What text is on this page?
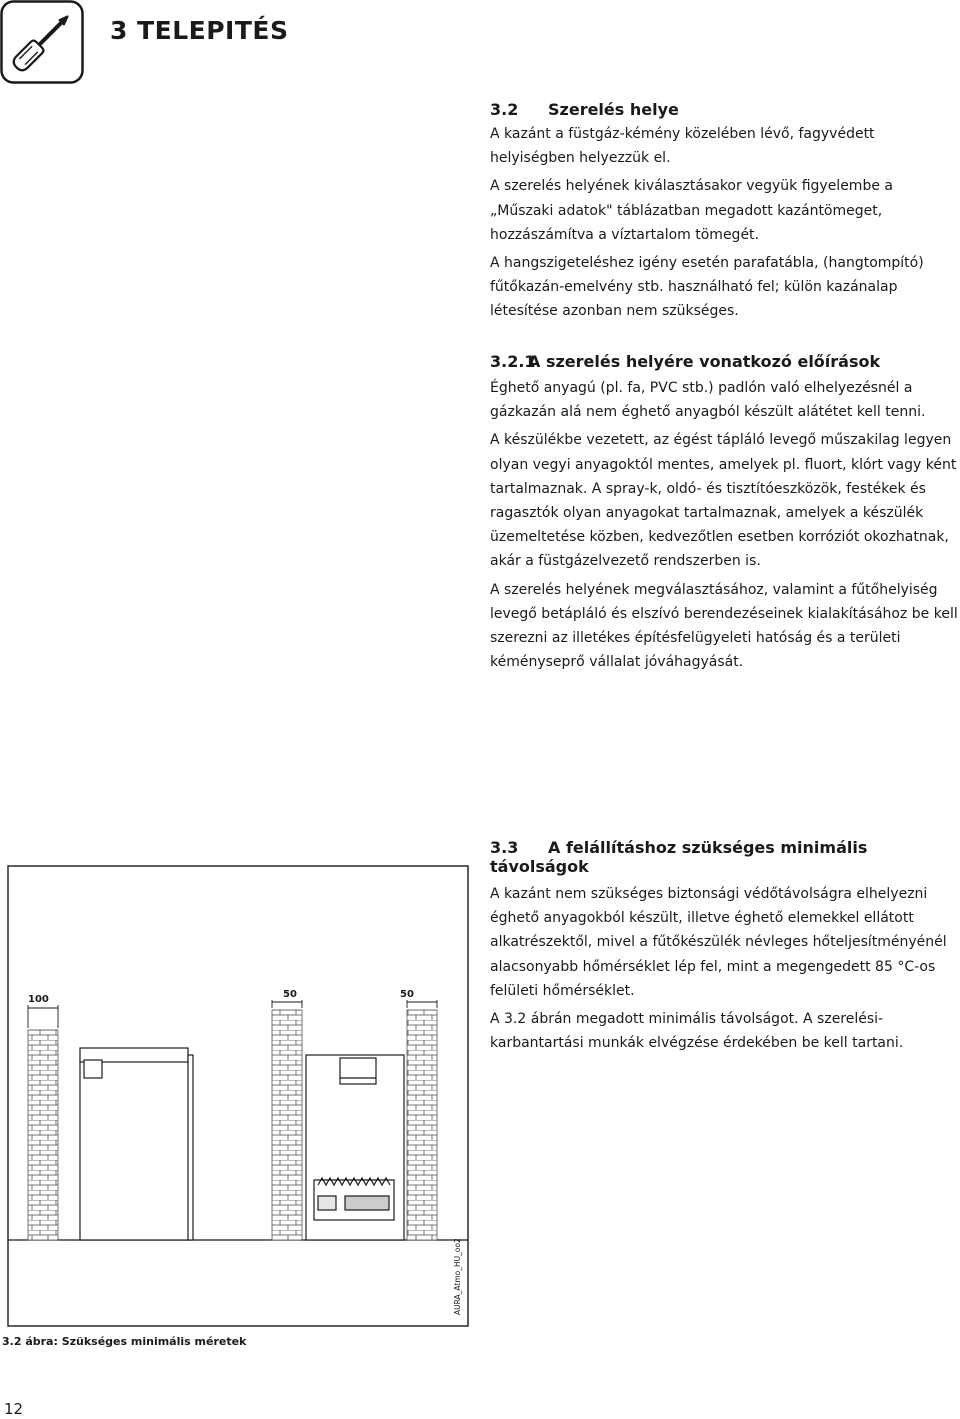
3 TELEPITÉS
3.2 Szerelés helye

A kazánt a füstgáz-kémény közelében lévő, fagyvédett helyiségben helyezzük el.

A szerelés helyének kiválasztásakor vegyük figyelembe a „Műszaki adatok" táblázatban megadott kazántömeget, hozzászámítva a víztartalom tömegét.

A hangszigeteléshez igény esetén parafatábla, (hangtompító) fűtőkazán-emelvény stb. használható fel; külön kazánalap létesítése azonban nem szükséges.

3.2.1A szerelés helyére vonatkozó előírások

Éghető anyagú (pl. fa, PVC stb.) padlón való elhelyezésnél a gázkazán alá nem éghető anyagból készült alátétet kell tenni.

A készülékbe vezetett, az égést tápláló levegő műszakilag legyen olyan vegyi anyagoktól mentes, amelyek pl. fluort, klórt vagy ként tartalmaznak. A spray-k, oldó- és tisztítóeszközök, festékek és ragasztók olyan anyagokat tartalmaznak, amelyek a készülék üzemeltetése közben, kedvezőtlen esetben korróziót okozhatnak, akár a füstgázelvezető rendszerben is.

A szerelés helyének megválasztásához, valamint a fűtőhelyiség levegő betápláló és elszívó berendezéseinek kialakításához be kell szerezni az illetékes építésfelügyeleti hatóság és a területi kéményseprő vállalat jóváhagyását.

3.3 A felállításhoz szükséges minimális távolságok

A kazánt nem szükséges biztonsági védőtávolságra elhelyezni éghető anyagokból készült, illetve éghető elemekkel ellátott alkatrészektől, mivel a fűtőkészülék névleges hőteljesítményénél alacsonyabb hőmérséklet lép fel, mint a megengedett 85 °C-os felületi hőmérséklet.

A 3.2 ábrán megadott minimális távolságot. A szerelési-karbantartási munkák elvégzése érdekében be kell tartani.

100	50	50
AURA_Atmo_HU_oo2
3.2 ábra: Szükséges minimális méretek
12
